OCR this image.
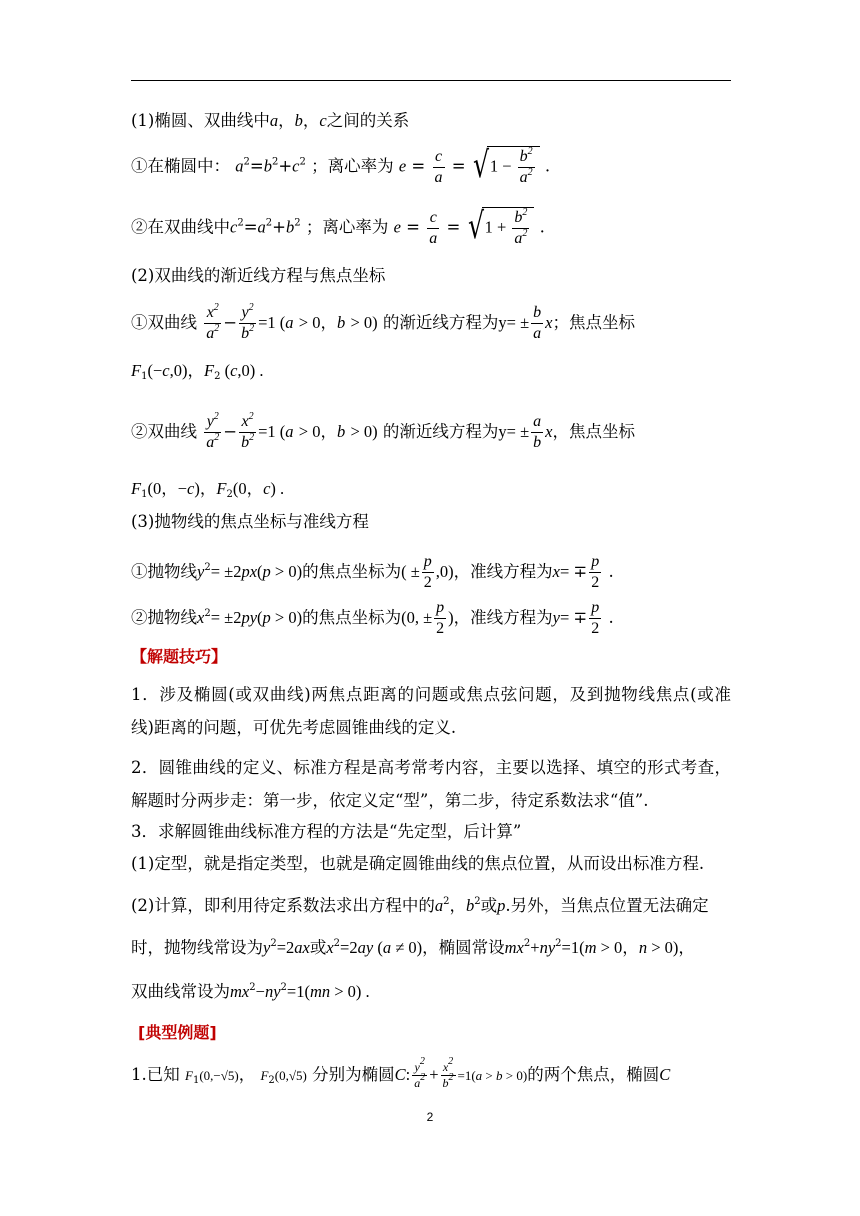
(1)椭圆、双曲线中a，b，c之间的关系
①在椭圆中： $a^2=b^2+c^2$ ；离心率为 $e = \frac{c}{a}$ = √ $1 - \frac{b^2}{a^2}$ .
②在双曲线中$c^2=a^2+b^2$ ；离心率为 $e = \frac{c}{a}$ = √ $1 + \frac{b^2}{a^2}$ .
(2)双曲线的渐近线方程与焦点坐标
①双曲线 $\frac{x^2}{a^2} - \frac{y^2}{b^2} =1$ (a > 0，b > 0) 的渐近线方程为$y= \pm \frac{b}{a}$ x；焦点坐标
$F_1(-c,0)$，$F_2$ (c,0) .
②双曲线 $\frac{y^2}{a^2} - \frac{x^2}{b^2} =1$ (a > 0，b > 0) 的渐近线方程为$y= \pm \frac{a}{b}$ x，焦点坐标
$F_1(0$，−c)，$F_2(0$，c) .
(3)抛物线的焦点坐标与准线方程
①抛物线$y^2= \pm 2px(p > 0)$的焦点坐标为( ± $\frac{p}{2} ,0$)，准线方程为$x= \mp \frac{p}{2}$ .
②抛物线$x^2= \pm 2py(p > 0)$的焦点坐标为(0, ± $\frac{p}{2}$ )，准线方程为$y= \mp \frac{p}{2}$ .
【解题技巧】
1．涉及椭圆(或双曲线)两焦点距离的问题或焦点弦问题，及到抛物线焦点(或准
线)距离的问题，可优先考虑圆锥曲线的定义.
2．圆锥曲线的定义、标准方程是高考常考内容，主要以选择、填空的形式考查，
解题时分两步走：第一步，依定义定“型”，第二步，待定系数法求“值”.
3．求解圆锥曲线标准方程的方法是“先定型，后计算”
(1)定型，就是指定类型，也就是确定圆锥曲线的焦点位置，从而设出标准方程.
(2)计算，即利用待定系数法求出方程中的$a^2$，$b^2$或p.另外，当焦点位置无法确定
时，抛物线常设为$y^2=2ax$或$x^2=2ay$ (a ≠ 0)，椭圆常设$mx^2+ny^2=1(m > 0$，n > 0)，
双曲线常设为$mx^2-ny^2=1(mn > 0)$ .
[典型例题]
1.已知 $F_1(0,-√5)$， $F_2(0,√5)$ 分别为椭圆C: $\frac{y^2}{a^2} + \frac{x^2}{b^2} =1(a > b > 0)$的两个焦点，椭圆C
2
